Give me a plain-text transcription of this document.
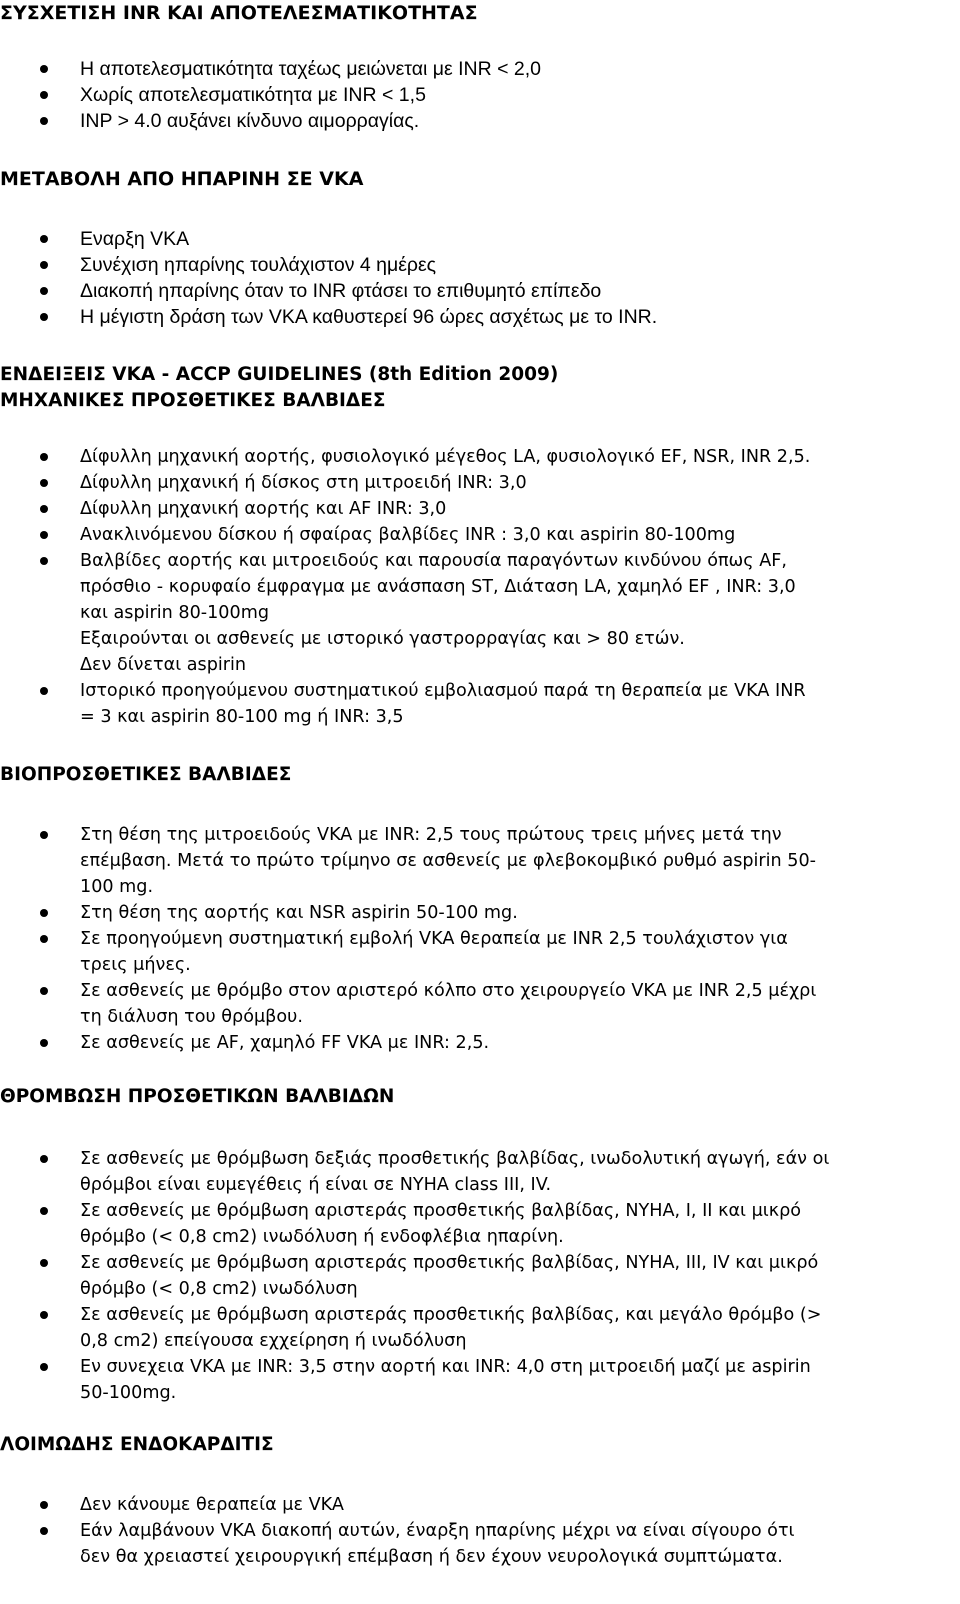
ΣΥΣΧΕΤΙΣΗ INR ΚΑΙ ΑΠΟΤΕΛΕΣΜΑΤΙΚΟΤΗΤΑΣ

Η αποτελεσματικότητα ταχέως μειώνεται με INR < 2,0
Χωρίς αποτελεσματικότητα με INR < 1,5
INP > 4.0 αυξάνει κίνδυνο αιμορραγίας.

ΜΕΤΑΒΟΛΗ ΑΠΟ ΗΠΑΡΙΝΗ ΣΕ VKA

Εναρξη VKA
Συνέχιση ηπαρίνης τουλάχιστον 4 ημέρες
Διακοπή ηπαρίνης όταν το INR φτάσει το επιθυμητό επίπεδο
Η μέγιστη δράση των VKA καθυστερεί 96 ώρες ασχέτως με το INR.

ΕΝΔΕΙΞΕΙΣ VKA - ACCP GUIDELINES (8th Edition 2009)
ΜΗΧΑΝΙΚΕΣ ΠΡΟΣΘΕΤΙΚΕΣ ΒΑΛΒΙΔΕΣ

Δίφυλλη μηχανική αορτής, φυσιολογικό μέγεθος LA, φυσιολογικό EF, NSR, INR 2,5.
Δίφυλλη μηχανική ή δίσκος στη μιτροειδή INR: 3,0
Δίφυλλη μηχανική αορτής και AF INR: 3,0
Ανακλινόμενου δίσκου ή σφαίρας βαλβίδες INR : 3,0 και aspirin 80-100mg
Βαλβίδες αορτής και μιτροειδούς και παρουσία παραγόντων κινδύνου όπως AF,
πρόσθιο - κορυφαίο έμφραγμα με ανάσπαση ST, Διάταση LA, χαμηλό EF , INR: 3,0
και aspirin 80-100mg
Εξαιρούνται οι ασθενείς με ιστορικό γαστρορραγίας και > 80 ετών.
Δεν δίνεται aspirin
Ιστορικό προηγούμενου συστηματικού εμβολιασμού παρά τη θεραπεία με VKA INR
= 3 και aspirin 80-100 mg ή INR: 3,5

ΒΙΟΠΡΟΣΘΕΤΙΚΕΣ ΒΑΛΒΙΔΕΣ

Στη θέση της μιτροειδούς VKA με INR: 2,5 τους πρώτους τρεις μήνες μετά την
επέμβαση. Μετά το πρώτο τρίμηνο σε ασθενείς με φλεβοκομβικό ρυθμό aspirin 50-
100 mg.
Στη θέση της αορτής και NSR aspirin 50-100 mg.
Σε προηγούμενη συστηματική εμβολή VKA θεραπεία με INR 2,5 τουλάχιστον για
τρεις μήνες.
Σε ασθενείς με θρόμβο στον αριστερό κόλπο στο χειρουργείο VKA με INR 2,5 μέχρι
τη διάλυση του θρόμβου.
Σε ασθενείς με AF, χαμηλό FF VKA με INR: 2,5.

ΘΡΟΜΒΩΣΗ ΠΡΟΣΘΕΤΙΚΩΝ ΒΑΛΒΙΔΩΝ

Σε ασθενείς με θρόμβωση δεξιάς προσθετικής βαλβίδας, ινωδολυτική αγωγή, εάν οι
θρόμβοι είναι ευμεγέθεις ή είναι σε NYHA class III, IV.
Σε ασθενείς με θρόμβωση αριστεράς προσθετικής βαλβίδας, NYHA, I, II και μικρό
θρόμβο (< 0,8 cm2) ινωδόλυση ή ενδοφλέβια ηπαρίνη.
Σε ασθενείς με θρόμβωση αριστεράς προσθετικής βαλβίδας, NYHA, III, IV και μικρό
θρόμβο (< 0,8 cm2) ινωδόλυση
Σε ασθενείς με θρόμβωση αριστεράς προσθετικής βαλβίδας, και μεγάλο θρόμβο (>
0,8 cm2) επείγουσα εχχείρηση ή ινωδόλυση
Εν συνεχεια VKA με INR: 3,5 στην αορτή και INR: 4,0 στη μιτροειδή μαζί με aspirin
50-100mg.

ΛΟΙΜΩΔΗΣ ΕΝΔΟΚΑΡΔΙΤΙΣ

Δεν κάνουμε θεραπεία με VKA
Εάν λαμβάνουν VKA διακοπή αυτών, έναρξη ηπαρίνης μέχρι να είναι σίγουρο ότι
δεν θα χρειαστεί χειρουργική επέμβαση ή δεν έχουν νευρολογικά συμπτώματα.
